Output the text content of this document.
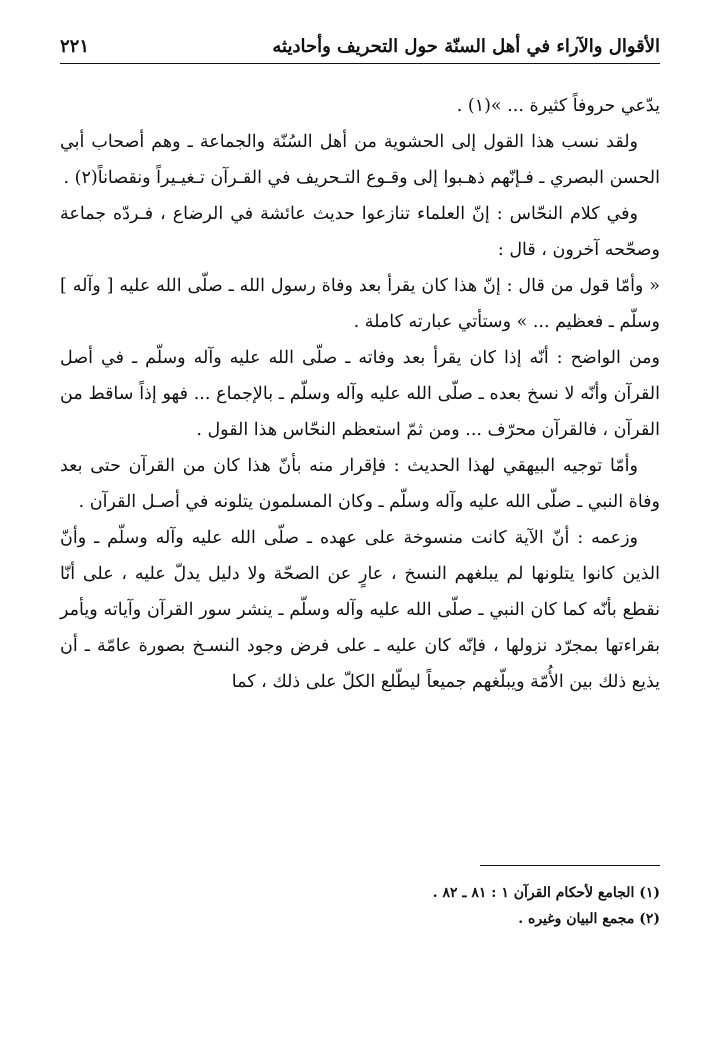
الأقوال والآراء في أهل السنّة حول التحريف وأحاديثه
٢٢١

يدّعي حروفاً كثيرة ... »(١) .

ولقد نسب هذا القول إلى الحشوية من أهل السُنّة والجماعة ـ وهم أصحاب أبي الحسن البصري ـ فـإنّهم ذهـبوا إلى وقـوع التـحريف في القـرآن تـغيـيراً ونقصاناً(٢) .

وفي كلام النحّاس : إنّ العلماء تنازعوا حديث عائشة في الرضاع ، فـردّه جماعة وصحّحه آخرون ، قال :

« وأمّا قول من قال : إنّ هذا كان يقرأ بعد وفاة رسول الله ـ صلّى الله عليه [ وآله ] وسلّم ـ فعظيم ... » وستأتي عبارته كاملة .

ومن الواضح : أنّه إذا كان يقرأ بعد وفاته ـ صلّى الله عليه وآله وسلّم ـ في أصل القرآن وأنّه لا نسخ بعده ـ صلّى الله عليه وآله وسلّم ـ بالإجماع ... فهو إذاً ساقط من القرآن ، فالقرآن محرّف ... ومن ثمّ استعظم النحّاس هذا القول .

وأمّا توجيه البيهقي لهذا الحديث : فإقرار منه بأنّ هذا كان من القرآن حتى بعد وفاة النبي ـ صلّى الله عليه وآله وسلّم ـ وكان المسلمون يتلونه في أصـل القرآن .

وزعمه : أنّ الآية كانت منسوخة على عهده ـ صلّى الله عليه وآله وسلّم ـ وأنّ الذين كانوا يتلونها لم يبلغهم النسخ ، عارٍ عن الصحّة ولا دليل يدلّ عليه ، على أنّا نقطع بأنّه كما كان النبي ـ صلّى الله عليه وآله وسلّم ـ ينشر سور القرآن وآياته ويأمر بقراءتها بمجرّد نزولها ، فإنّه كان عليه ـ على فرض وجود النسـخ بصورة عامّة ـ أن يذيع ذلك بين الأُمّة ويبلّغهم جميعاً ليطّلع الكلّ على ذلك ، كما

(١) الجامع لأحكام القرآن ١ : ٨١ ـ ٨٢ .

(٢) مجمع البيان وغيره .
